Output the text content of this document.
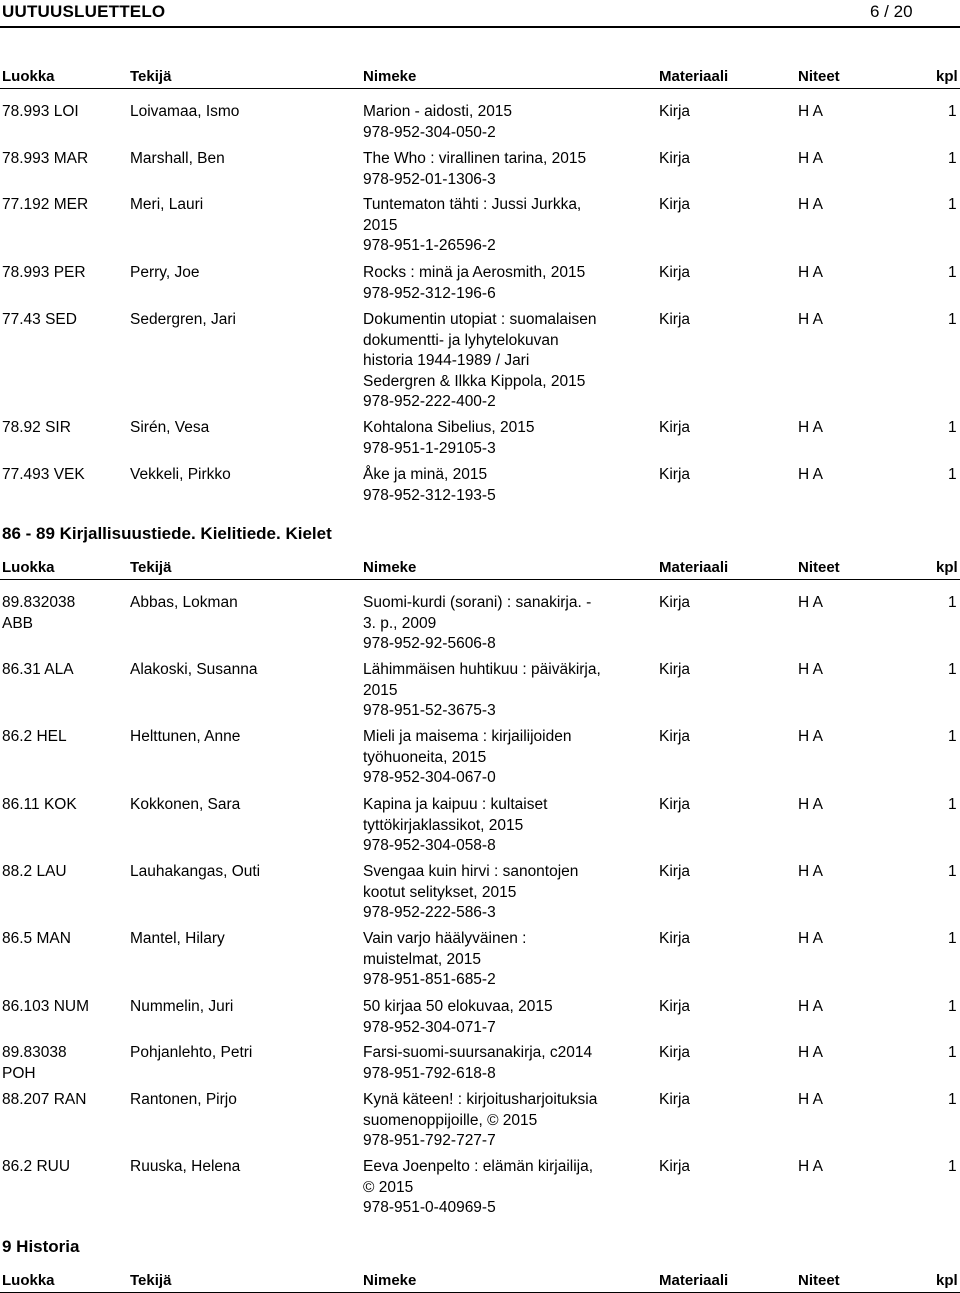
UUTUUSLUETTELO	6 / 20
Luokka	Tekijä	Nimeke	Materiaali	Niteet	kpl
78.993 LOI	Loivamaa, Ismo	Marion - aidosti, 2015
978-952-304-050-2
Kirja	H A	1
78.993 MAR	Marshall, Ben	The Who : virallinen tarina, 2015
978-952-01-1306-3
Kirja	H A	1
77.192 MER	Meri, Lauri	Tuntematon tähti : Jussi Jurkka,
2015
978-951-1-26596-2
Kirja	H A	1
78.993 PER	Perry, Joe	Rocks : minä ja Aerosmith, 2015
978-952-312-196-6
Kirja	H A	1
77.43 SED	Sedergren, Jari	Dokumentin utopiat : suomalaisen
dokumentti- ja lyhytelokuvan
historia 1944-1989 / Jari
Sedergren & Ilkka Kippola, 2015
978-952-222-400-2
Kirja	H A	1
78.92 SIR	Sirén, Vesa	Kohtalona Sibelius, 2015
978-951-1-29105-3
Kirja	H A	1
77.493 VEK	Vekkeli, Pirkko	Åke ja minä, 2015
978-952-312-193-5
Kirja	H A	1
86 - 89 Kirjallisuustiede. Kielitiede. Kielet
Luokka	Tekijä	Nimeke	Materiaali	Niteet	kpl
89.832038
ABB
Abbas, Lokman	Suomi-kurdi (sorani) : sanakirja. -
3. p., 2009
978-952-92-5606-8
Kirja	H A	1
86.31 ALA	Alakoski, Susanna	Lähimmäisen huhtikuu : päiväkirja,
2015
978-951-52-3675-3
Kirja	H A	1
86.2 HEL	Helttunen, Anne	Mieli ja maisema : kirjailijoiden
työhuoneita, 2015
978-952-304-067-0
Kirja	H A	1
86.11 KOK	Kokkonen, Sara	Kapina ja kaipuu : kultaiset
tyttökirjaklassikot, 2015
978-952-304-058-8
Kirja	H A	1
88.2 LAU	Lauhakangas, Outi	Svengaa kuin hirvi : sanontojen
kootut selitykset, 2015
978-952-222-586-3
Kirja	H A	1
86.5 MAN	Mantel, Hilary	Vain varjo häälyväinen :
muistelmat, 2015
978-951-851-685-2
Kirja	H A	1
86.103 NUM	Nummelin, Juri	50 kirjaa 50 elokuvaa, 2015
978-952-304-071-7
Kirja	H A	1
89.83038
POH
Pohjanlehto, Petri	Farsi-suomi-suursanakirja, c2014
978-951-792-618-8
Kirja	H A	1
88.207 RAN	Rantonen, Pirjo	Kynä käteen! : kirjoitusharjoituksia
suomenoppijoille, © 2015
978-951-792-727-7
Kirja	H A	1
86.2 RUU	Ruuska, Helena	Eeva Joenpelto : elämän kirjailija,
© 2015
978-951-0-40969-5
Kirja	H A	1
9 Historia
Luokka	Tekijä	Nimeke	Materiaali	Niteet	kpl
